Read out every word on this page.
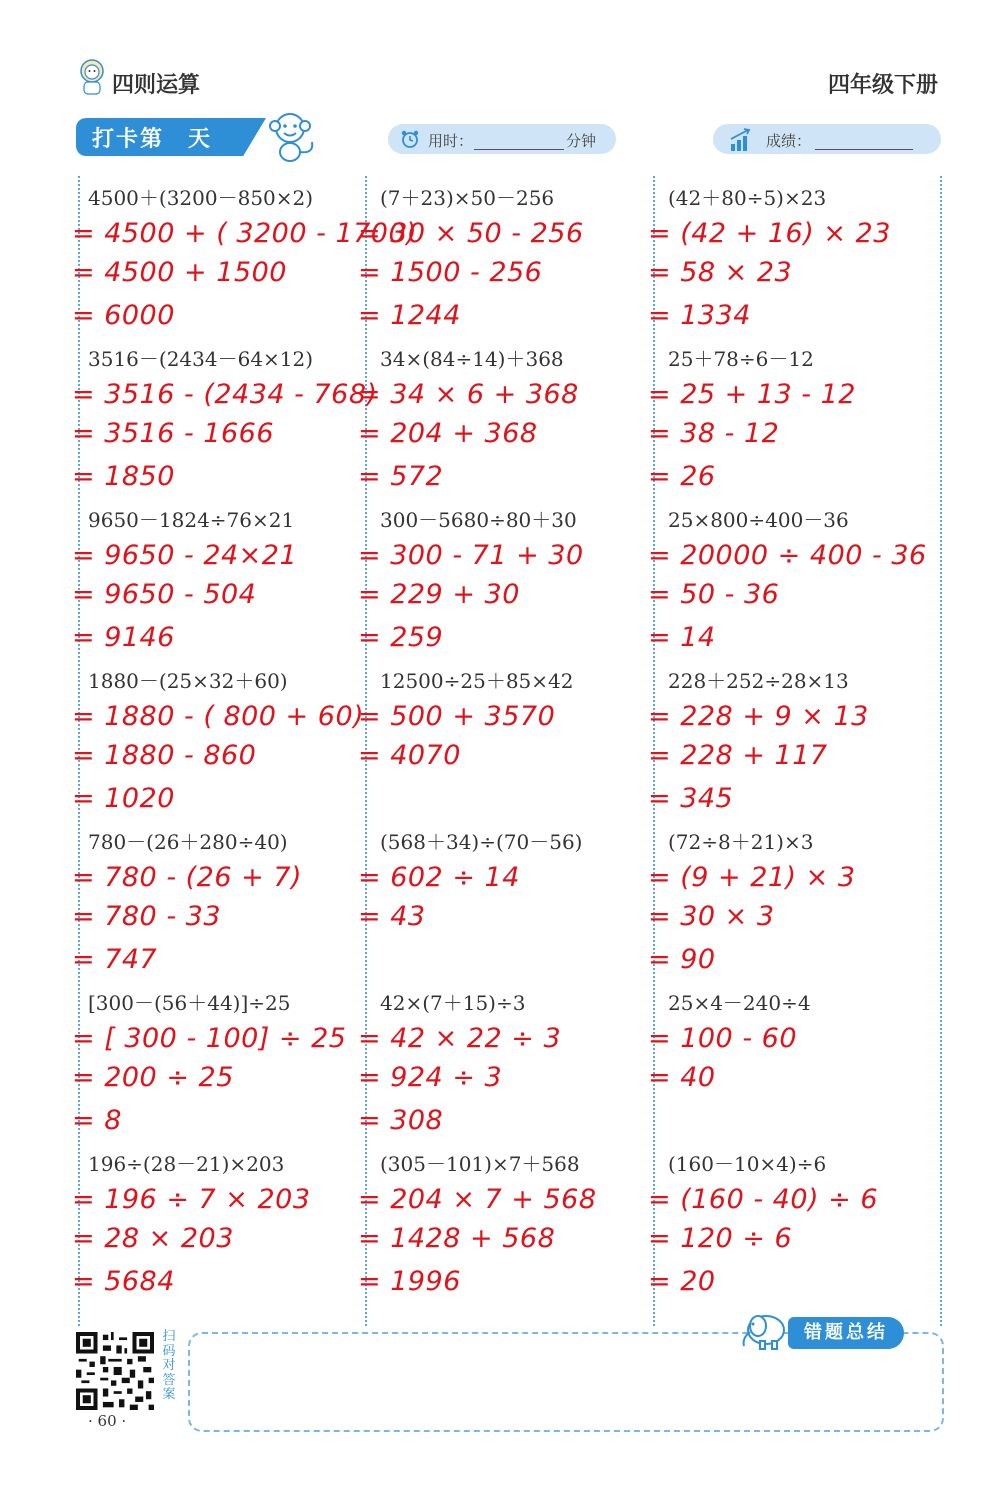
四则运算	四年级下册
打卡第　天	用时：	分钟	成绩：
4500＋(3200－850×2)
= 4500 + ( 3200 - 1700)
= 4500 + 1500
= 6000
3516－(2434－64×12)
= 3516 - (2434 - 768)
= 3516 - 1666
= 1850
9650－1824÷76×21
= 9650 - 24×21
= 9650 - 504
= 9146
1880－(25×32＋60)
= 1880 - ( 800 + 60)
= 1880 - 860
= 1020
780－(26＋280÷40)
= 780 - (26 + 7)
= 780 - 33
= 747
[300－(56＋44)]÷25
= [ 300 - 100] ÷ 25
= 200 ÷ 25
= 8
196÷(28－21)×203
= 196 ÷ 7 × 203
= 28 × 203
= 5684
(7＋23)×50－256
= 30 × 50 - 256
= 1500 - 256
= 1244
34×(84÷14)＋368
= 34 × 6 + 368
= 204 + 368
= 572
300－5680÷80＋30
= 300 - 71 + 30
= 229 + 30
= 259
12500÷25＋85×42
= 500 + 3570
= 4070
(568＋34)÷(70－56)
= 602 ÷ 14
= 43
42×(7＋15)÷3
= 42 × 22 ÷ 3
= 924 ÷ 3
= 308
(305－101)×7＋568
= 204 × 7 + 568
= 1428 + 568
= 1996
(42＋80÷5)×23
= (42 + 16) × 23
= 58 × 23
= 1334
25＋78÷6－12
= 25 + 13 - 12
= 38 - 12
= 26
25×800÷400－36
= 20000 ÷ 400 - 36
= 50 - 36
= 14
228＋252÷28×13
= 228 + 9 × 13
= 228 + 117
= 345
(72÷8＋21)×3
= (9 + 21) × 3
= 30 × 3
= 90
25×4－240÷4
= 100 - 60
= 40
(160－10×4)÷6
= (160 - 40) ÷ 6
= 120 ÷ 6
= 20
错题总结
扫码对答案
· 60 ·
